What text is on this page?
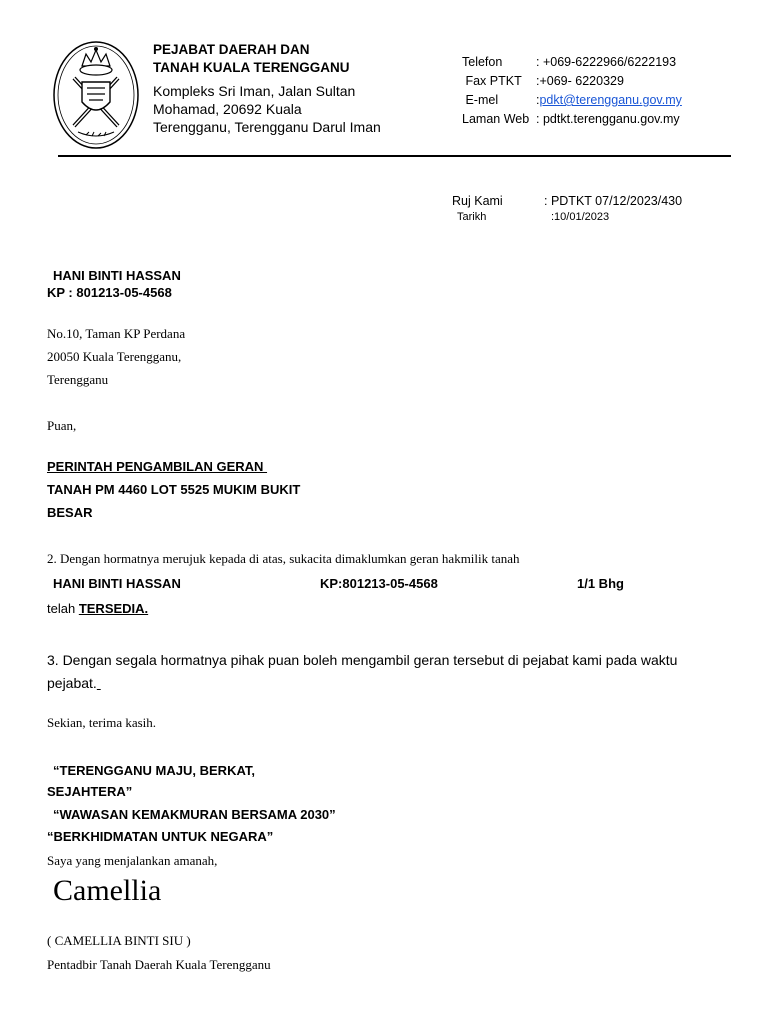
PEJABAT DAERAH DAN
TANAH KUALA TERENGGANU
Kompleks Sri Iman, Jalan Sultan Mohamad, 20692 Kuala Terengganu, Terengganu Darul Iman
Telefon	: +069-6222966/6222193
Fax PTKT	:+069- 6220329
E-mel	:pdkt@terengganu.gov.my
Laman Web : pdtkt.terengganu.gov.my
Ruj Kami	: PDTKT 07/12/2023/430
Tarikh	:10/01/2023
HANI BINTI HASSAN
KP : 801213-05-4568
No.10, Taman KP Perdana
20050 Kuala Terengganu,
Terengganu
Puan,
PERINTAH PENGAMBILAN GERAN
TANAH PM 4460 LOT 5525 MUKIM BUKIT
BESAR
2. Dengan hormatnya merujuk kepada di atas, sukacita dimaklumkan geran hakmilik tanah
HANI BINTI HASSAN	KP:801213-05-4568	1/1 Bhg
telah TERSEDIA.
3. Dengan segala hormatnya pihak puan boleh mengambil geran tersebut di pejabat kami pada waktu
pejabat.
Sekian, terima kasih.
“TERENGGANU MAJU, BERKAT,
SEJAHTERA”
“WAWASAN KEMAKMURAN BERSAMA 2030”
“BERKHIDMATAN UNTUK NEGARA”
Saya yang menjalankan amanah,
Camellia
( CAMELLIA BINTI SIU )
Pentadbir Tanah Daerah Kuala Terengganu
